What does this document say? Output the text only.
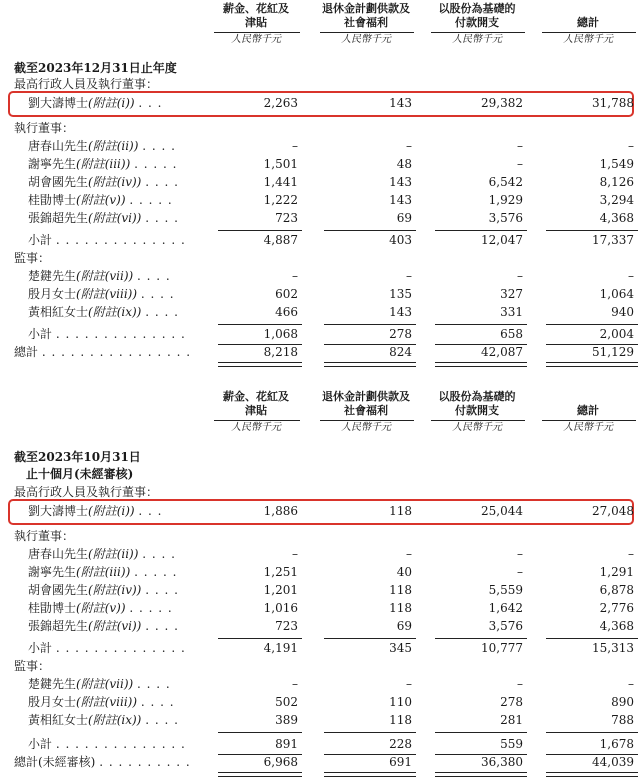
薪金、花紅及
津貼
人民幣千元
退休金計劃供款及
社會福利
人民幣千元
以股份為基礎的
付款開支
人民幣千元
總計
人民幣千元
截至2023年12月31日止年度
最高行政人員及執行董事：
劉大濤博士(附註(i)) . . .	2,263	143	29,382	31,788
執行董事：
唐春山先生(附註(ii)) . . . .	–	–	–	–
謝寧先生(附註(iii)) . . . . .	1,501	48	–	1,549
胡會國先生(附註(iv)) . . . .	1,441	143	6,542	8,126
桂勖博士(附註(v)) . . . . .	1,222	143	1,929	3,294
張錦超先生(附註(vi)) . . . .	723	69	3,576	4,368
小計 . . . . . . . . . . . . . .	4,887	403	12,047	17,337
監事：
楚鍵先生(附註(vii)) . . . .	–	–	–	–
殷月女士(附註(viii)) . . . .	602	135	327	1,064
黃相紅女士(附註(ix)) . . . .	466	143	331	940
小計 . . . . . . . . . . . . . .	1,068	278	658	2,004
總計 . . . . . . . . . . . . . . . .	8,218	824	42,087	51,129
薪金、花紅及
津貼
人民幣千元
退休金計劃供款及
社會福利
人民幣千元
以股份為基礎的
付款開支
人民幣千元
總計
人民幣千元
截至2023年10月31日
止十個月(未經審核)
最高行政人員及執行董事：
劉大濤博士(附註(i)) . . .	1,886	118	25,044	27,048
執行董事：
唐春山先生(附註(ii)) . . . .	–	–	–	–
謝寧先生(附註(iii)) . . . . .	1,251	40	–	1,291
胡會國先生(附註(iv)) . . . .	1,201	118	5,559	6,878
桂勖博士(附註(v)) . . . . .	1,016	118	1,642	2,776
張錦超先生(附註(vi)) . . . .	723	69	3,576	4,368
小計 . . . . . . . . . . . . . .	4,191	345	10,777	15,313
監事：
楚鍵先生(附註(vii)) . . . .	–	–	–	–
殷月女士(附註(viii)) . . . .	502	110	278	890
黃相紅女士(附註(ix)) . . . .	389	118	281	788
小計 . . . . . . . . . . . . . .	891	228	559	1,678
總計(未經審核) . . . . . . . . . .	6,968	691	36,380	44,039
